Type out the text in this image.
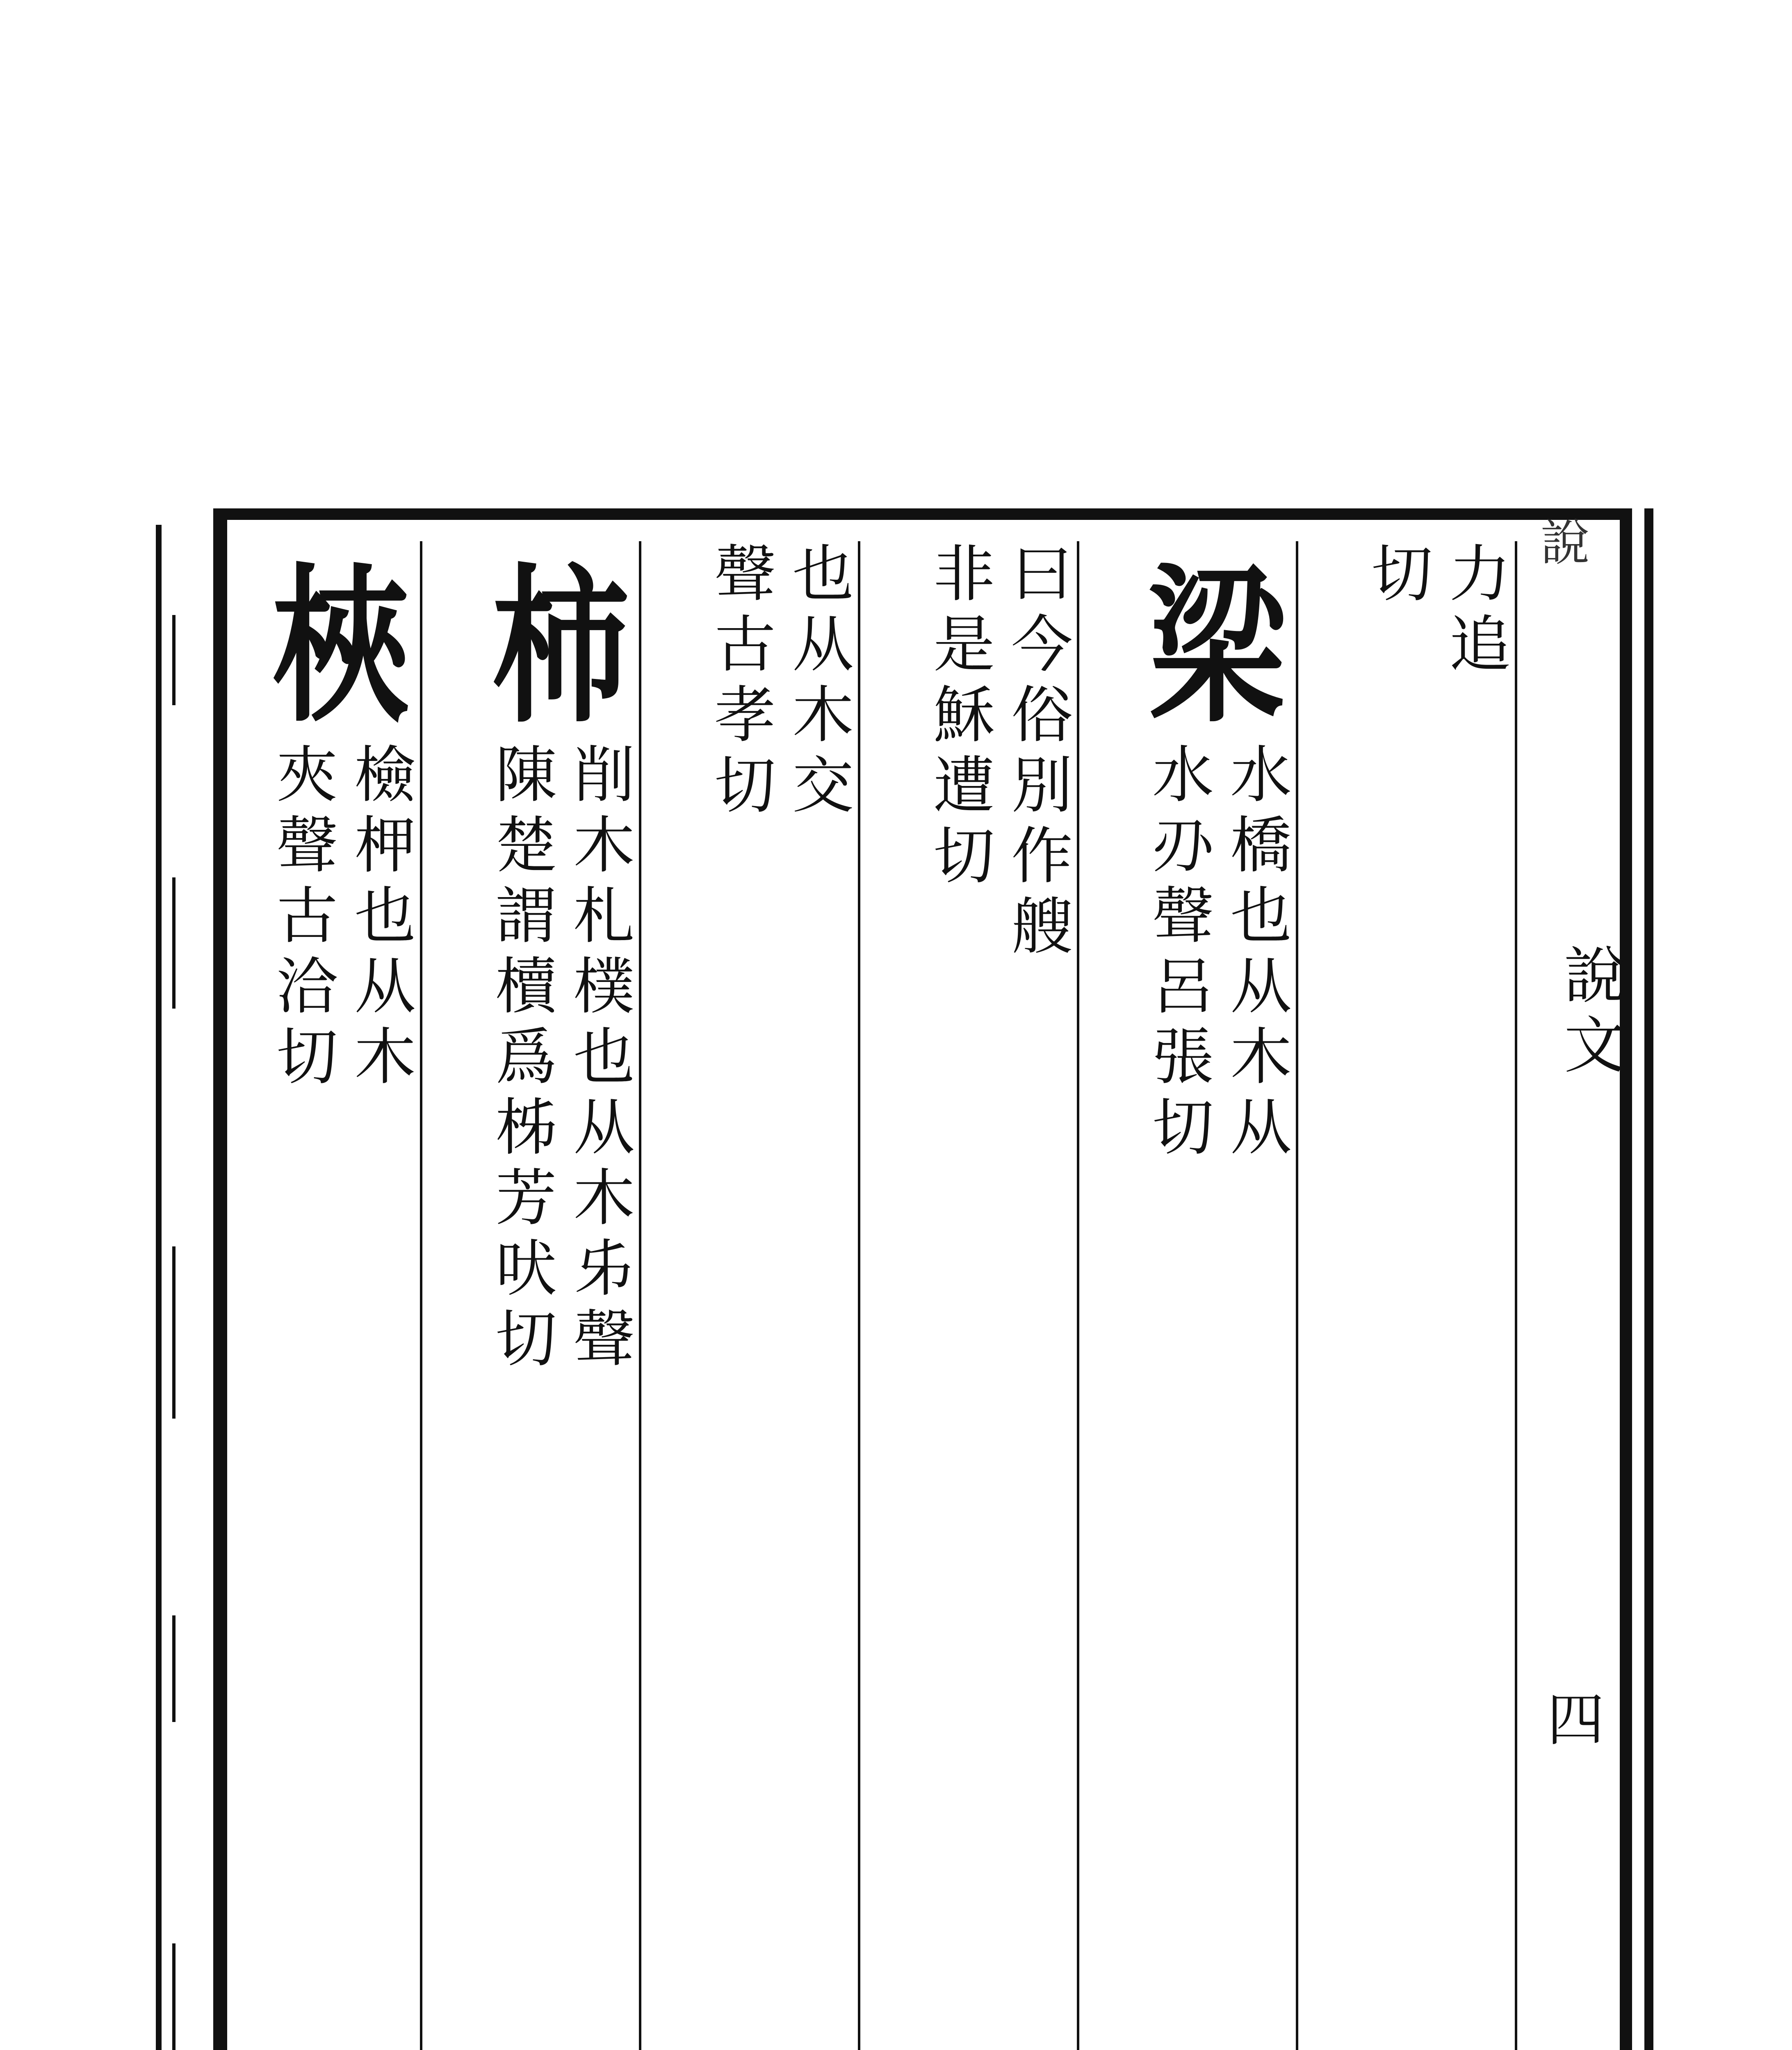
說
說文
四
力追
切
梁
水橋也从木从
水刅聲呂張切
曰今俗別作艘
非是穌遭切
也从木交
聲古孝切
柿
削木札樸也从木𠂔聲
陳楚謂櫝爲柹芳吠切
梜
檢柙也从木
夾聲古洽切
